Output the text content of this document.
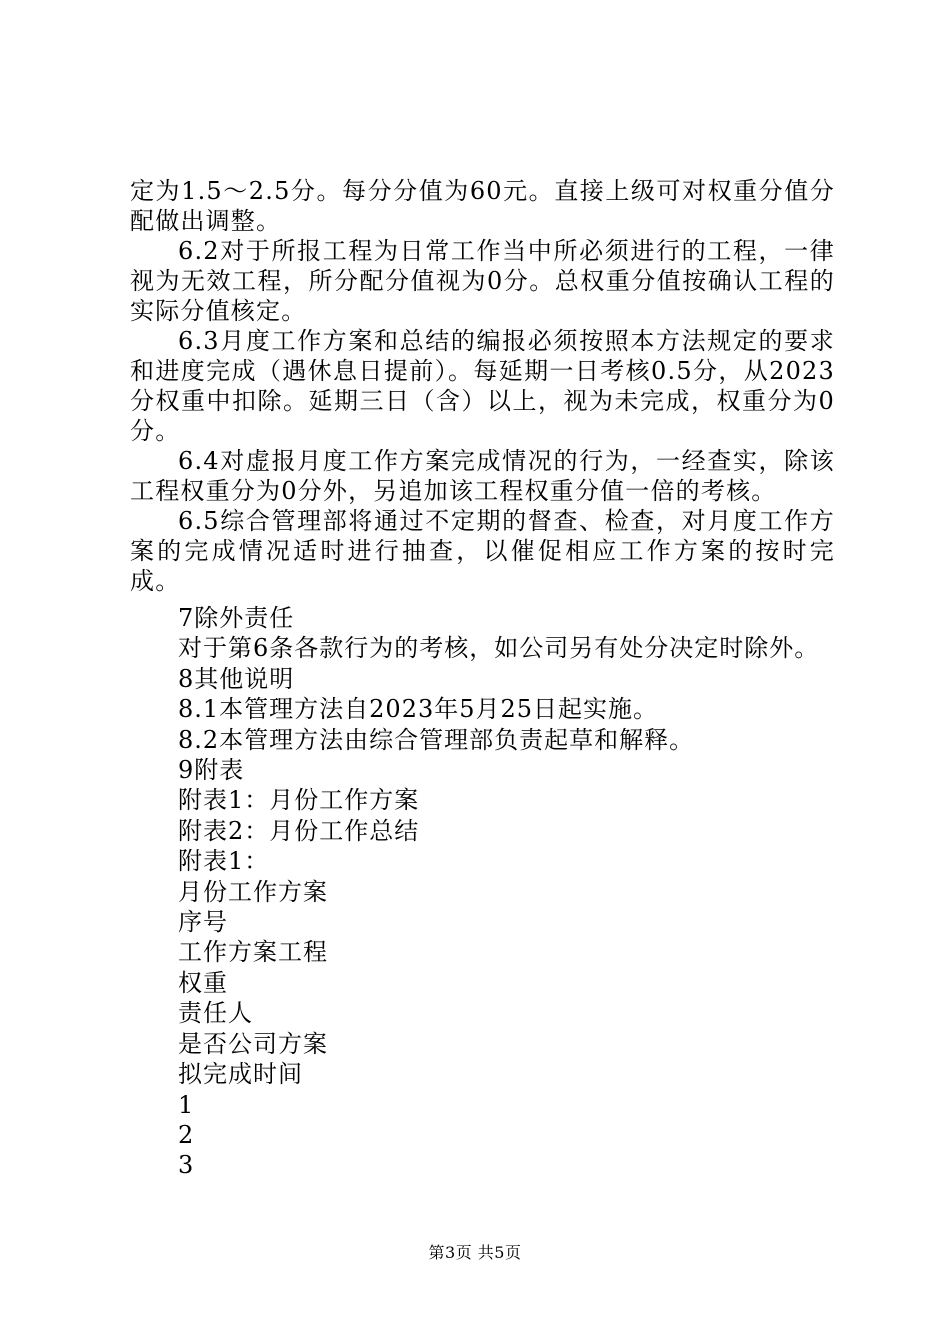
定为1.5～2.5分。每分分值为60元。直接上级可对权重分值分配做出调整。

6.2对于所报工程为日常工作当中所必须进行的工程，一律视为无效工程，所分配分值视为0分。总权重分值按确认工程的实际分值核定。

6.3月度工作方案和总结的编报必须按照本方法规定的要求和进度完成（遇休息日提前）。每延期一日考核0.5分，从2023分权重中扣除。延期三日（含）以上，视为未完成，权重分为0分。

6.4对虚报月度工作方案完成情况的行为，一经查实，除该工程权重分为0分外，另追加该工程权重分值一倍的考核。

6.5综合管理部将通过不定期的督查、检查，对月度工作方案的完成情况适时进行抽查，以催促相应工作方案的按时完成。

7除外责任

对于第6条各款行为的考核，如公司另有处分决定时除外。

8其他说明

8.1本管理方法自2023年5月25日起实施。

8.2本管理方法由综合管理部负责起草和解释。

9附表

附表1：月份工作方案

附表2：月份工作总结

附表1：

月份工作方案

序号

工作方案工程

权重

责任人

是否公司方案

拟完成时间

1

2

3

第3页 共5页
